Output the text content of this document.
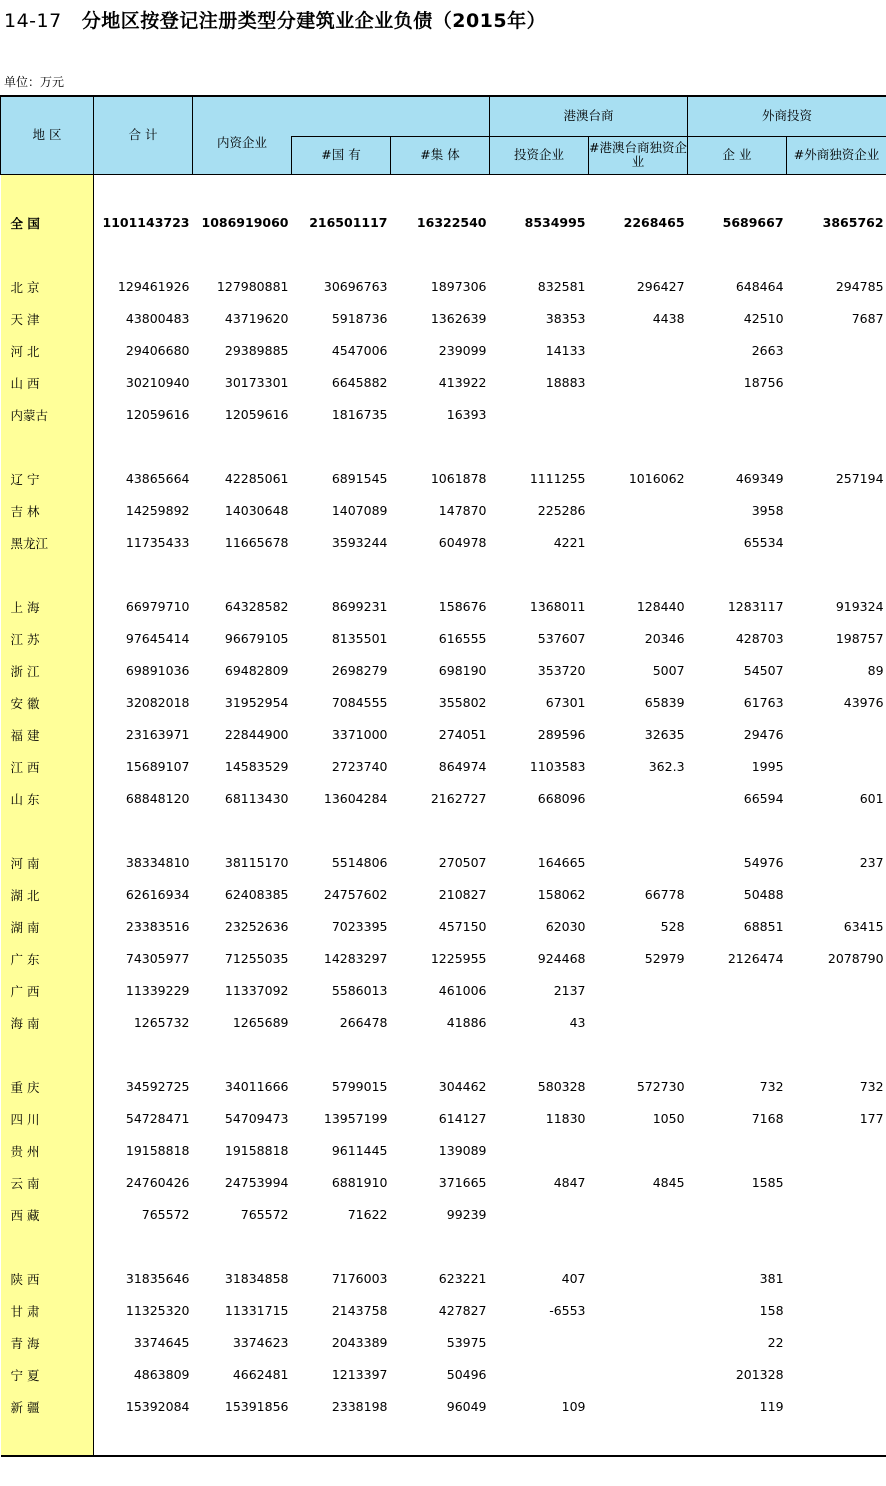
14-17 分地区按登记注册类型分建筑业企业负债（2015年）
单位：万元
地 区	合 计				港澳台商		外商投资	
		内资企业	#国 有	#集 体	投资企业	#港澳台商独资企业	企 业	#外商独资企业

全 国	1101143723	1086919060	216501117	16322540	8534995	2268465	5689667	3865762

北 京	129461926	127980881	30696763	1897306	832581	296427	648464	294785
天 津	43800483	43719620	5918736	1362639	38353	4438	42510	7687
河 北	29406680	29389885	4547006	239099	14133		2663	
山 西	30210940	30173301	6645882	413922	18883		18756	
内蒙古	12059616	12059616	1816735	16393				

辽 宁	43865664	42285061	6891545	1061878	1111255	1016062	469349	257194
吉 林	14259892	14030648	1407089	147870	225286		3958	
黑龙江	11735433	11665678	3593244	604978	4221		65534	

上 海	66979710	64328582	8699231	158676	1368011	128440	1283117	919324
江 苏	97645414	96679105	8135501	616555	537607	20346	428703	198757
浙 江	69891036	69482809	2698279	698190	353720	5007	54507	89
安 徽	32082018	31952954	7084555	355802	67301	65839	61763	43976
福 建	23163971	22844900	3371000	274051	289596	32635	29476	
江 西	15689107	14583529	2723740	864974	1103583	362.3	1995	
山 东	68848120	68113430	13604284	2162727	668096		66594	601

河 南	38334810	38115170	5514806	270507	164665		54976	237
湖 北	62616934	62408385	24757602	210827	158062	66778	50488	
湖 南	23383516	23252636	7023395	457150	62030	528	68851	63415
广 东	74305977	71255035	14283297	1225955	924468	52979	2126474	2078790
广 西	11339229	11337092	5586013	461006	2137			
海 南	1265732	1265689	266478	41886	43			

重 庆	34592725	34011666	5799015	304462	580328	572730	732	732
四 川	54728471	54709473	13957199	614127	11830	1050	7168	177
贵 州	19158818	19158818	9611445	139089				
云 南	24760426	24753994	6881910	371665	4847	4845	1585	
西 藏	765572	765572	71622	99239				

陕 西	31835646	31834858	7176003	623221	407		381	
甘 肃	11325320	11331715	2143758	427827	-6553		158	
青 海	3374645	3374623	2043389	53975			22	
宁 夏	4863809	4662481	1213397	50496			201328	
新 疆	15392084	15391856	2338198	96049	109		119	
